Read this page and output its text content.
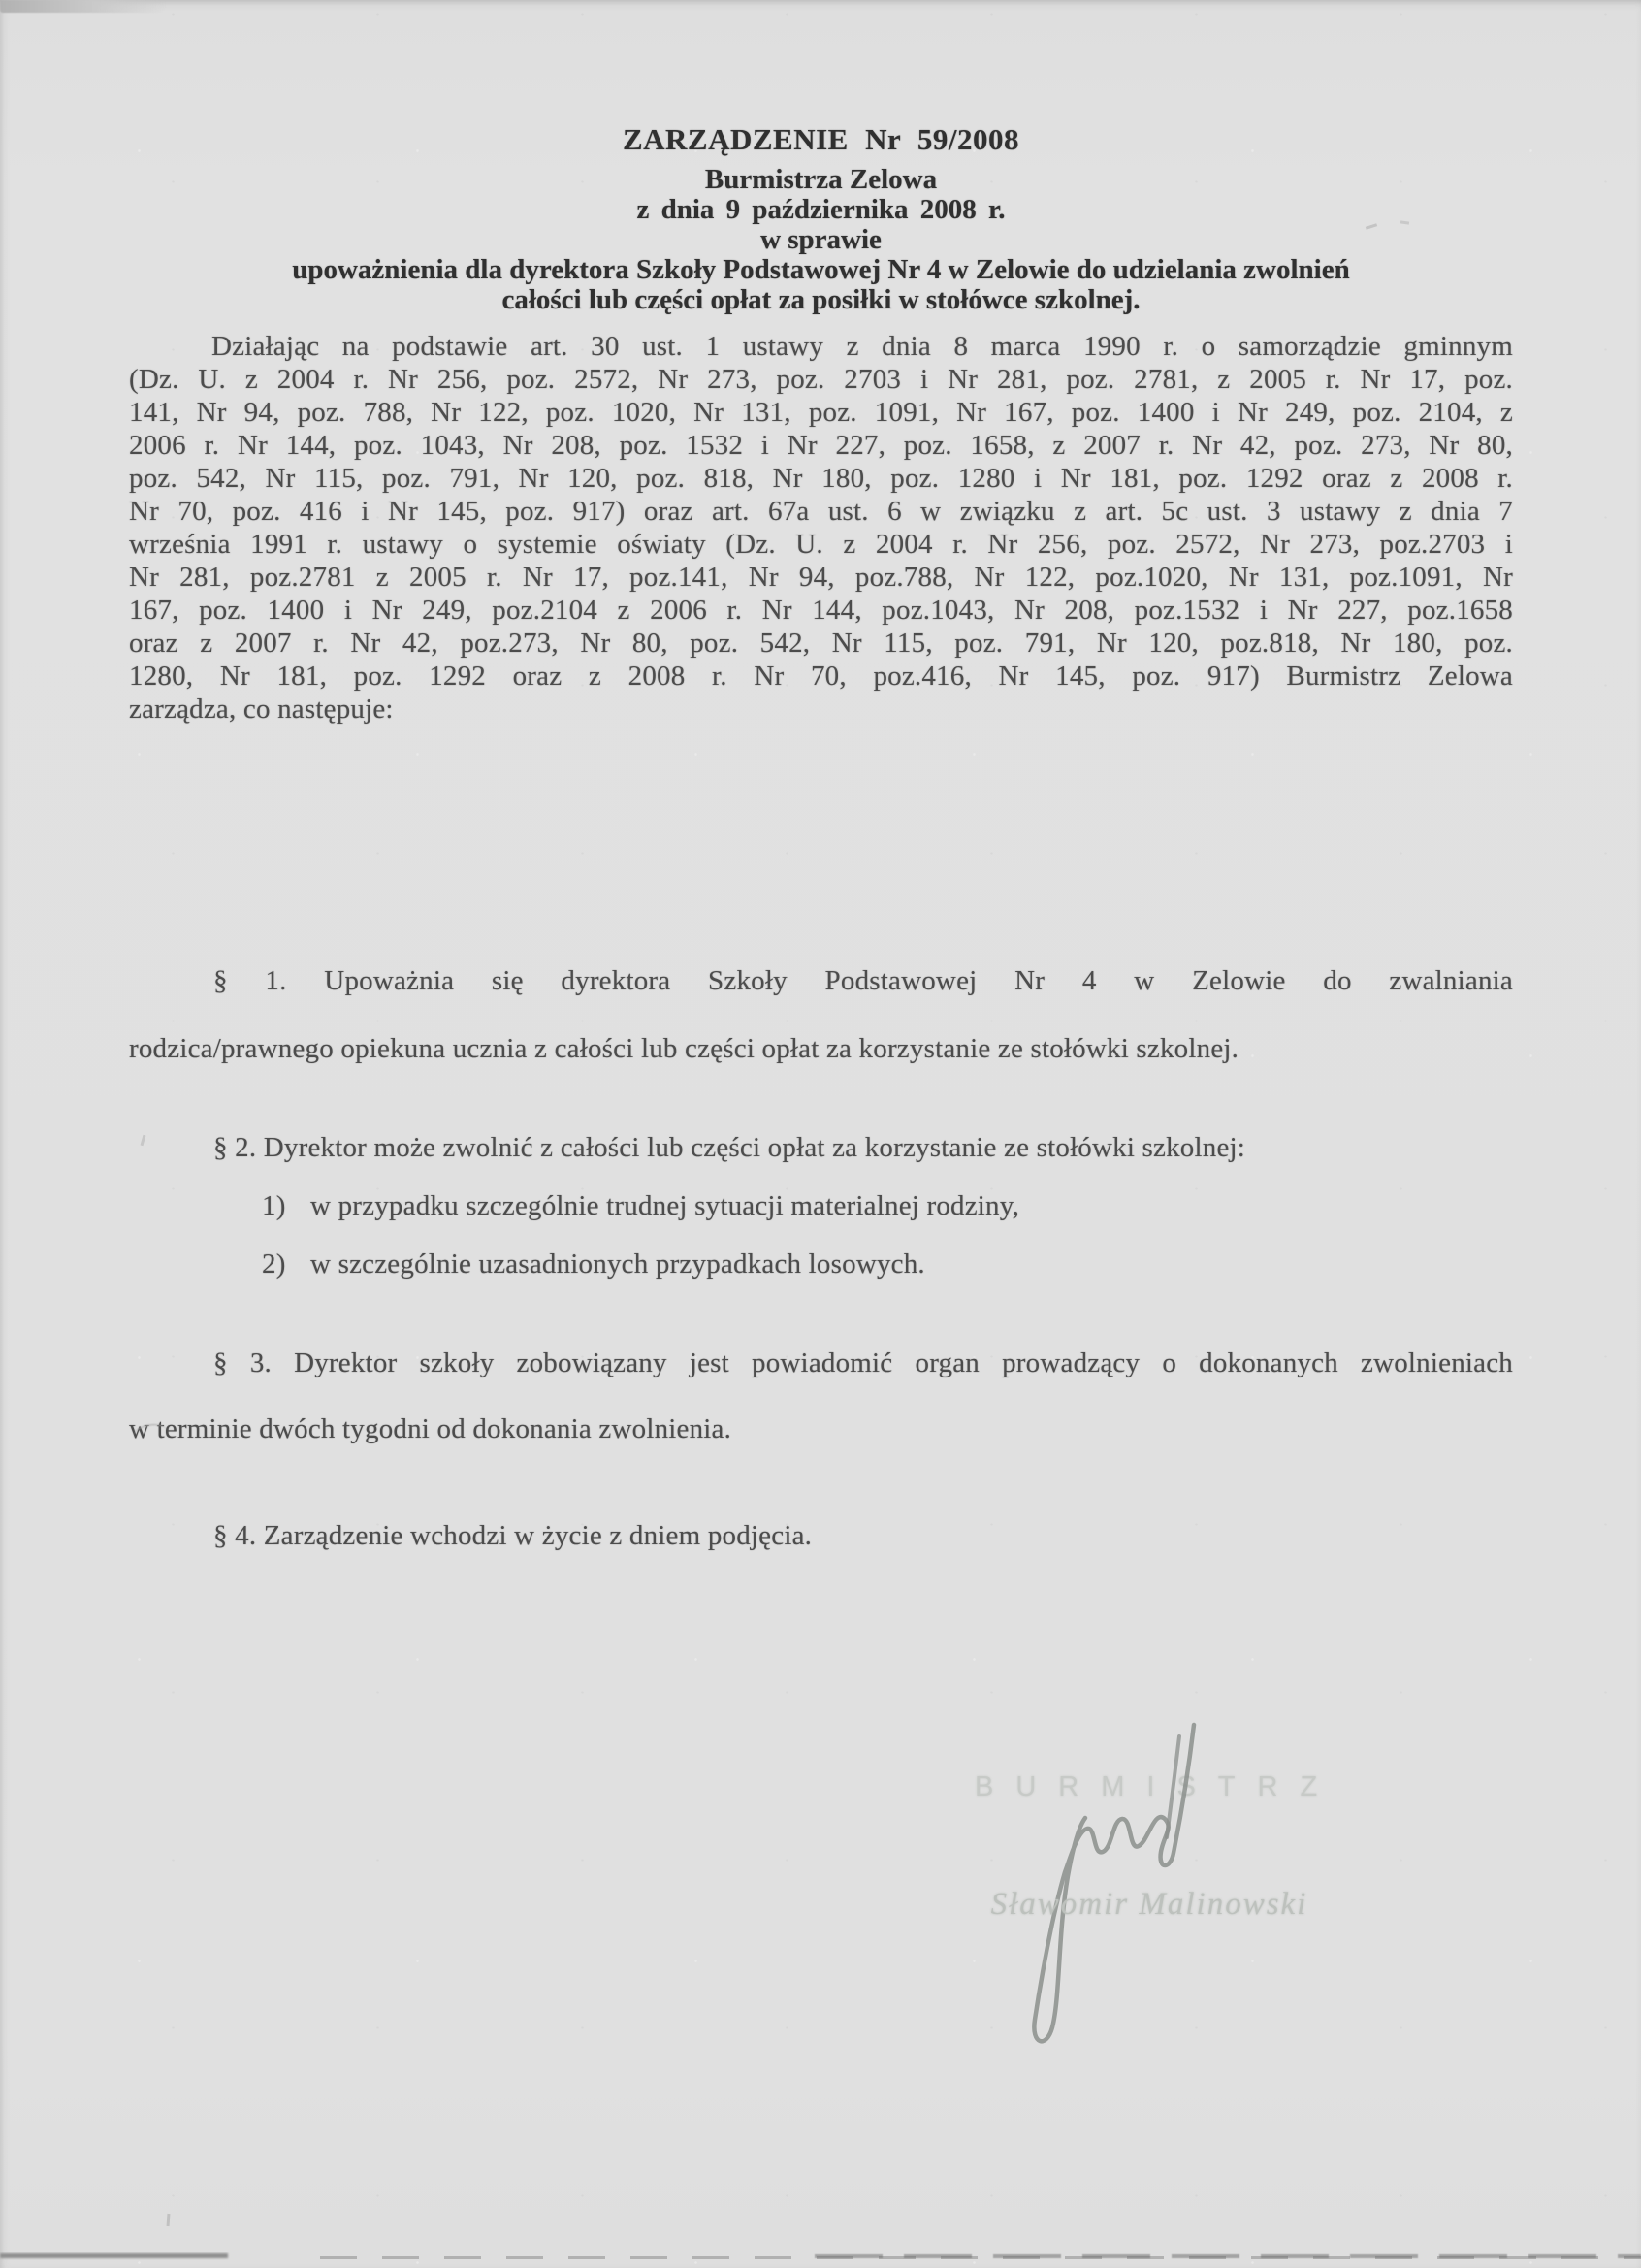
ZARZĄDZENIE Nr 59/2008
Burmistrza Zelowa
z dnia 9 października 2008 r.
w sprawie
upoważnienia dla dyrektora Szkoły Podstawowej Nr 4 w Zelowie do udzielania zwolnień
całości lub części opłat za posiłki w stołówce szkolnej.
Działając na podstawie art. 30 ust. 1 ustawy z dnia 8 marca 1990 r. o samorządzie gminnym
(Dz. U. z 2004 r. Nr 256, poz. 2572, Nr 273, poz. 2703 i Nr 281, poz. 2781, z 2005 r. Nr 17, poz.
141, Nr 94, poz. 788, Nr 122, poz. 1020, Nr 131, poz. 1091, Nr 167, poz. 1400 i Nr 249, poz. 2104, z
2006 r. Nr 144, poz. 1043, Nr 208, poz. 1532 i Nr 227, poz. 1658, z 2007 r. Nr 42, poz. 273, Nr 80,
poz. 542, Nr 115, poz. 791, Nr 120, poz. 818, Nr 180, poz. 1280 i Nr 181, poz. 1292 oraz z 2008 r.
Nr 70, poz. 416 i Nr 145, poz. 917) oraz art. 67a ust. 6 w związku z art. 5c ust. 3 ustawy z dnia 7
września 1991 r. ustawy o systemie oświaty (Dz. U. z 2004 r. Nr 256, poz. 2572, Nr 273, poz.2703 i
Nr 281, poz.2781 z 2005 r. Nr 17, poz.141, Nr 94, poz.788, Nr 122, poz.1020, Nr 131, poz.1091, Nr
167, poz. 1400 i Nr 249, poz.2104 z 2006 r. Nr 144, poz.1043, Nr 208, poz.1532 i Nr 227, poz.1658
oraz z 2007 r. Nr 42, poz.273, Nr 80, poz. 542, Nr 115, poz. 791, Nr 120, poz.818, Nr 180, poz.
1280, Nr 181, poz. 1292 oraz z 2008 r. Nr 70, poz.416, Nr 145, poz. 917) Burmistrz Zelowa
zarządza, co następuje:
§ 1. Upoważnia się dyrektora Szkoły Podstawowej Nr 4 w Zelowie do zwalniania
rodzica/prawnego opiekuna ucznia z całości lub części opłat za korzystanie ze stołówki szkolnej.
§ 2. Dyrektor może zwolnić z całości lub części opłat za korzystanie ze stołówki szkolnej:
1) w przypadku szczególnie trudnej sytuacji materialnej rodziny,
2) w szczególnie uzasadnionych przypadkach losowych.
§ 3. Dyrektor szkoły zobowiązany jest powiadomić organ prowadzący o dokonanych zwolnieniach
w terminie dwóch tygodni od dokonania zwolnienia.
§ 4. Zarządzenie wchodzi w życie z dniem podjęcia.
BURMISTRZ
Sławomir Malinowski
